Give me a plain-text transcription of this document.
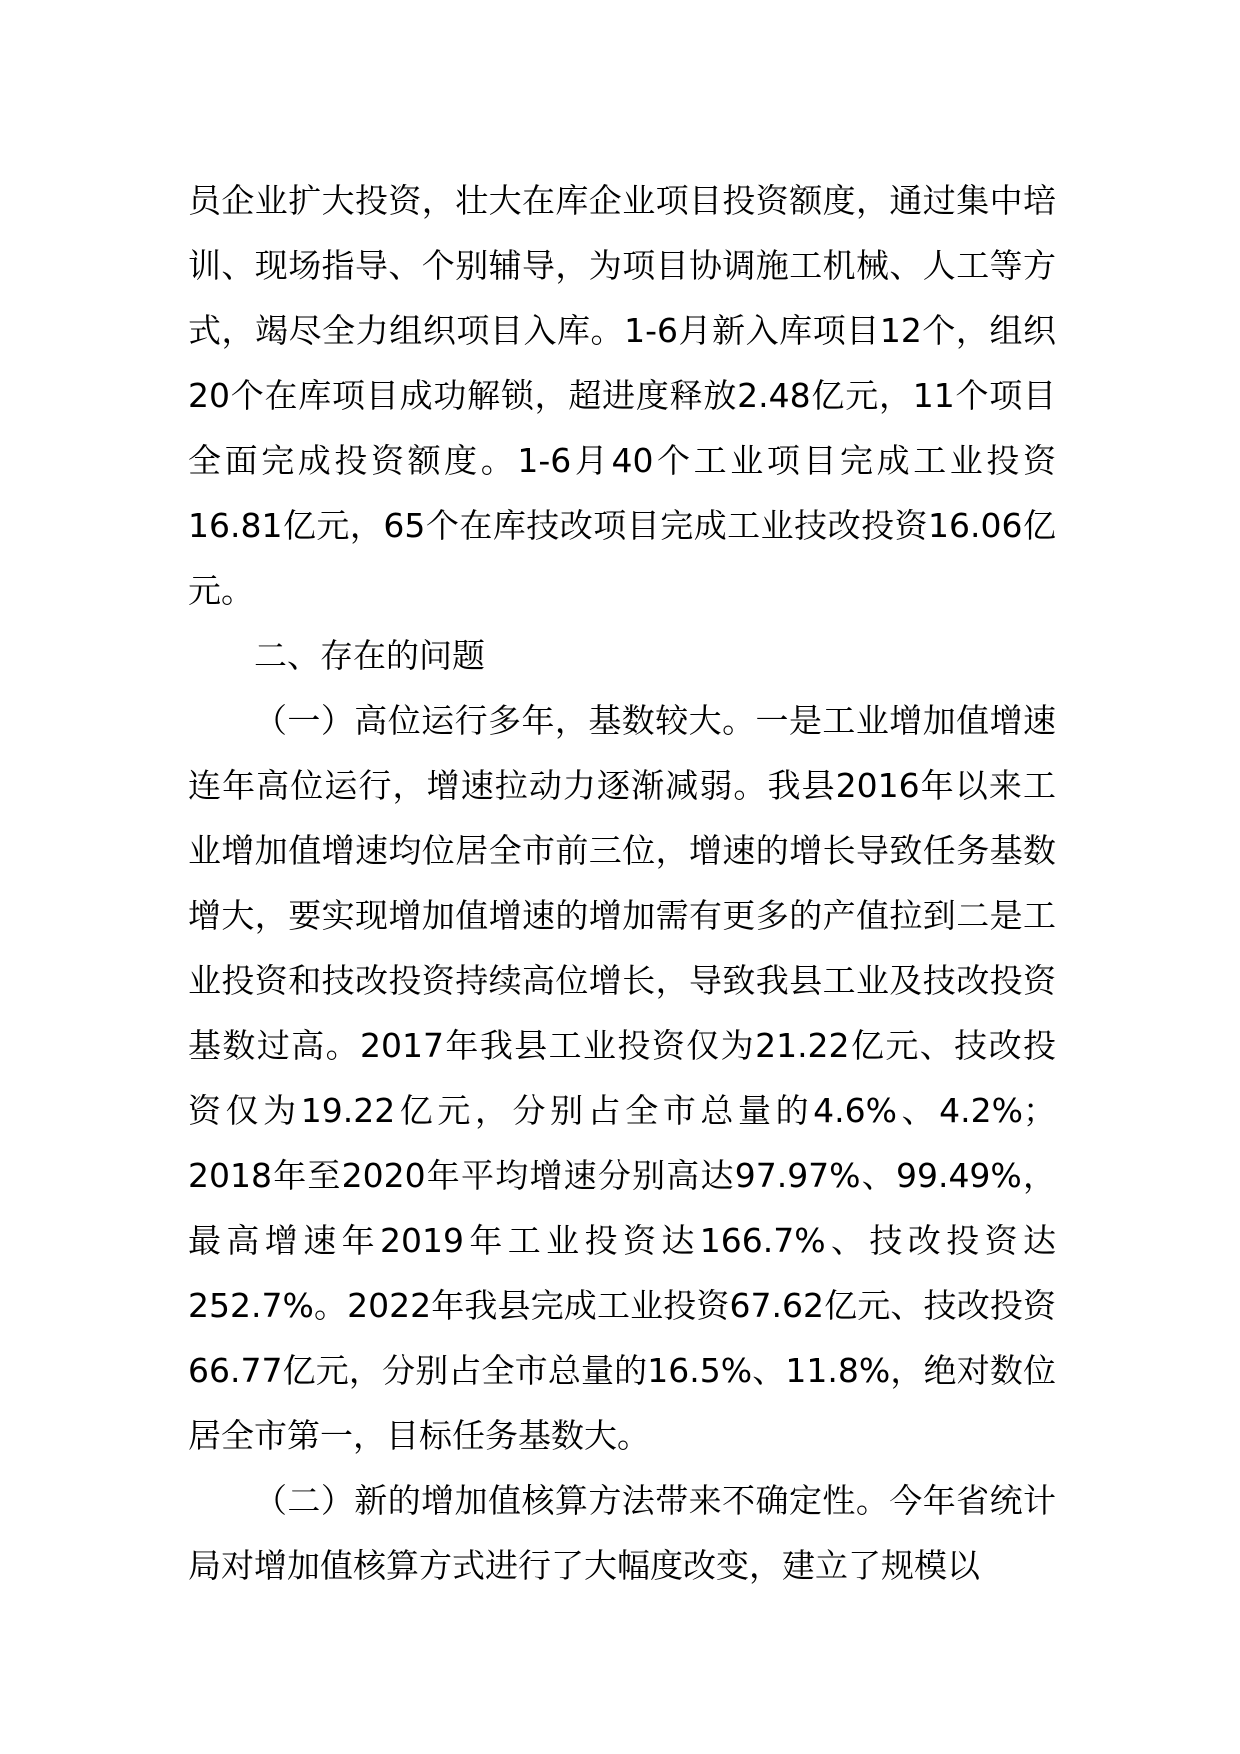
员企业扩大投资，壮大在库企业项目投资额度，通过集中培训、现场指导、个别辅导，为项目协调施工机械、人工等方式，竭尽全力组织项目入库。1-6月新入库项目12个，组织20个在库项目成功解锁，超进度释放2.48亿元，11个项目全面完成投资额度。1-6月40个工业项目完成工业投资16.81亿元，65个在库技改项目完成工业技改投资16.06亿元。

二、存在的问题

（一）高位运行多年，基数较大。一是工业增加值增速连年高位运行，增速拉动力逐渐减弱。我县2016年以来工业增加值增速均位居全市前三位，增速的增长导致任务基数增大，要实现增加值增速的增加需有更多的产值拉到二是工业投资和技改投资持续高位增长，导致我县工业及技改投资基数过高。2017年我县工业投资仅为21.22亿元、技改投资仅为19.22亿元，分别占全市总量的4.6%、4.2%；2018年至2020年平均增速分别高达97.97%、99.49%，最高增速年2019年工业投资达166.7%、技改投资达252.7%。2022年我县完成工业投资67.62亿元、技改投资66.77亿元，分别占全市总量的16.5%、11.8%，绝对数位居全市第一，目标任务基数大。

（二）新的增加值核算方法带来不确定性。今年省统计局对增加值核算方式进行了大幅度改变，建立了规模以
